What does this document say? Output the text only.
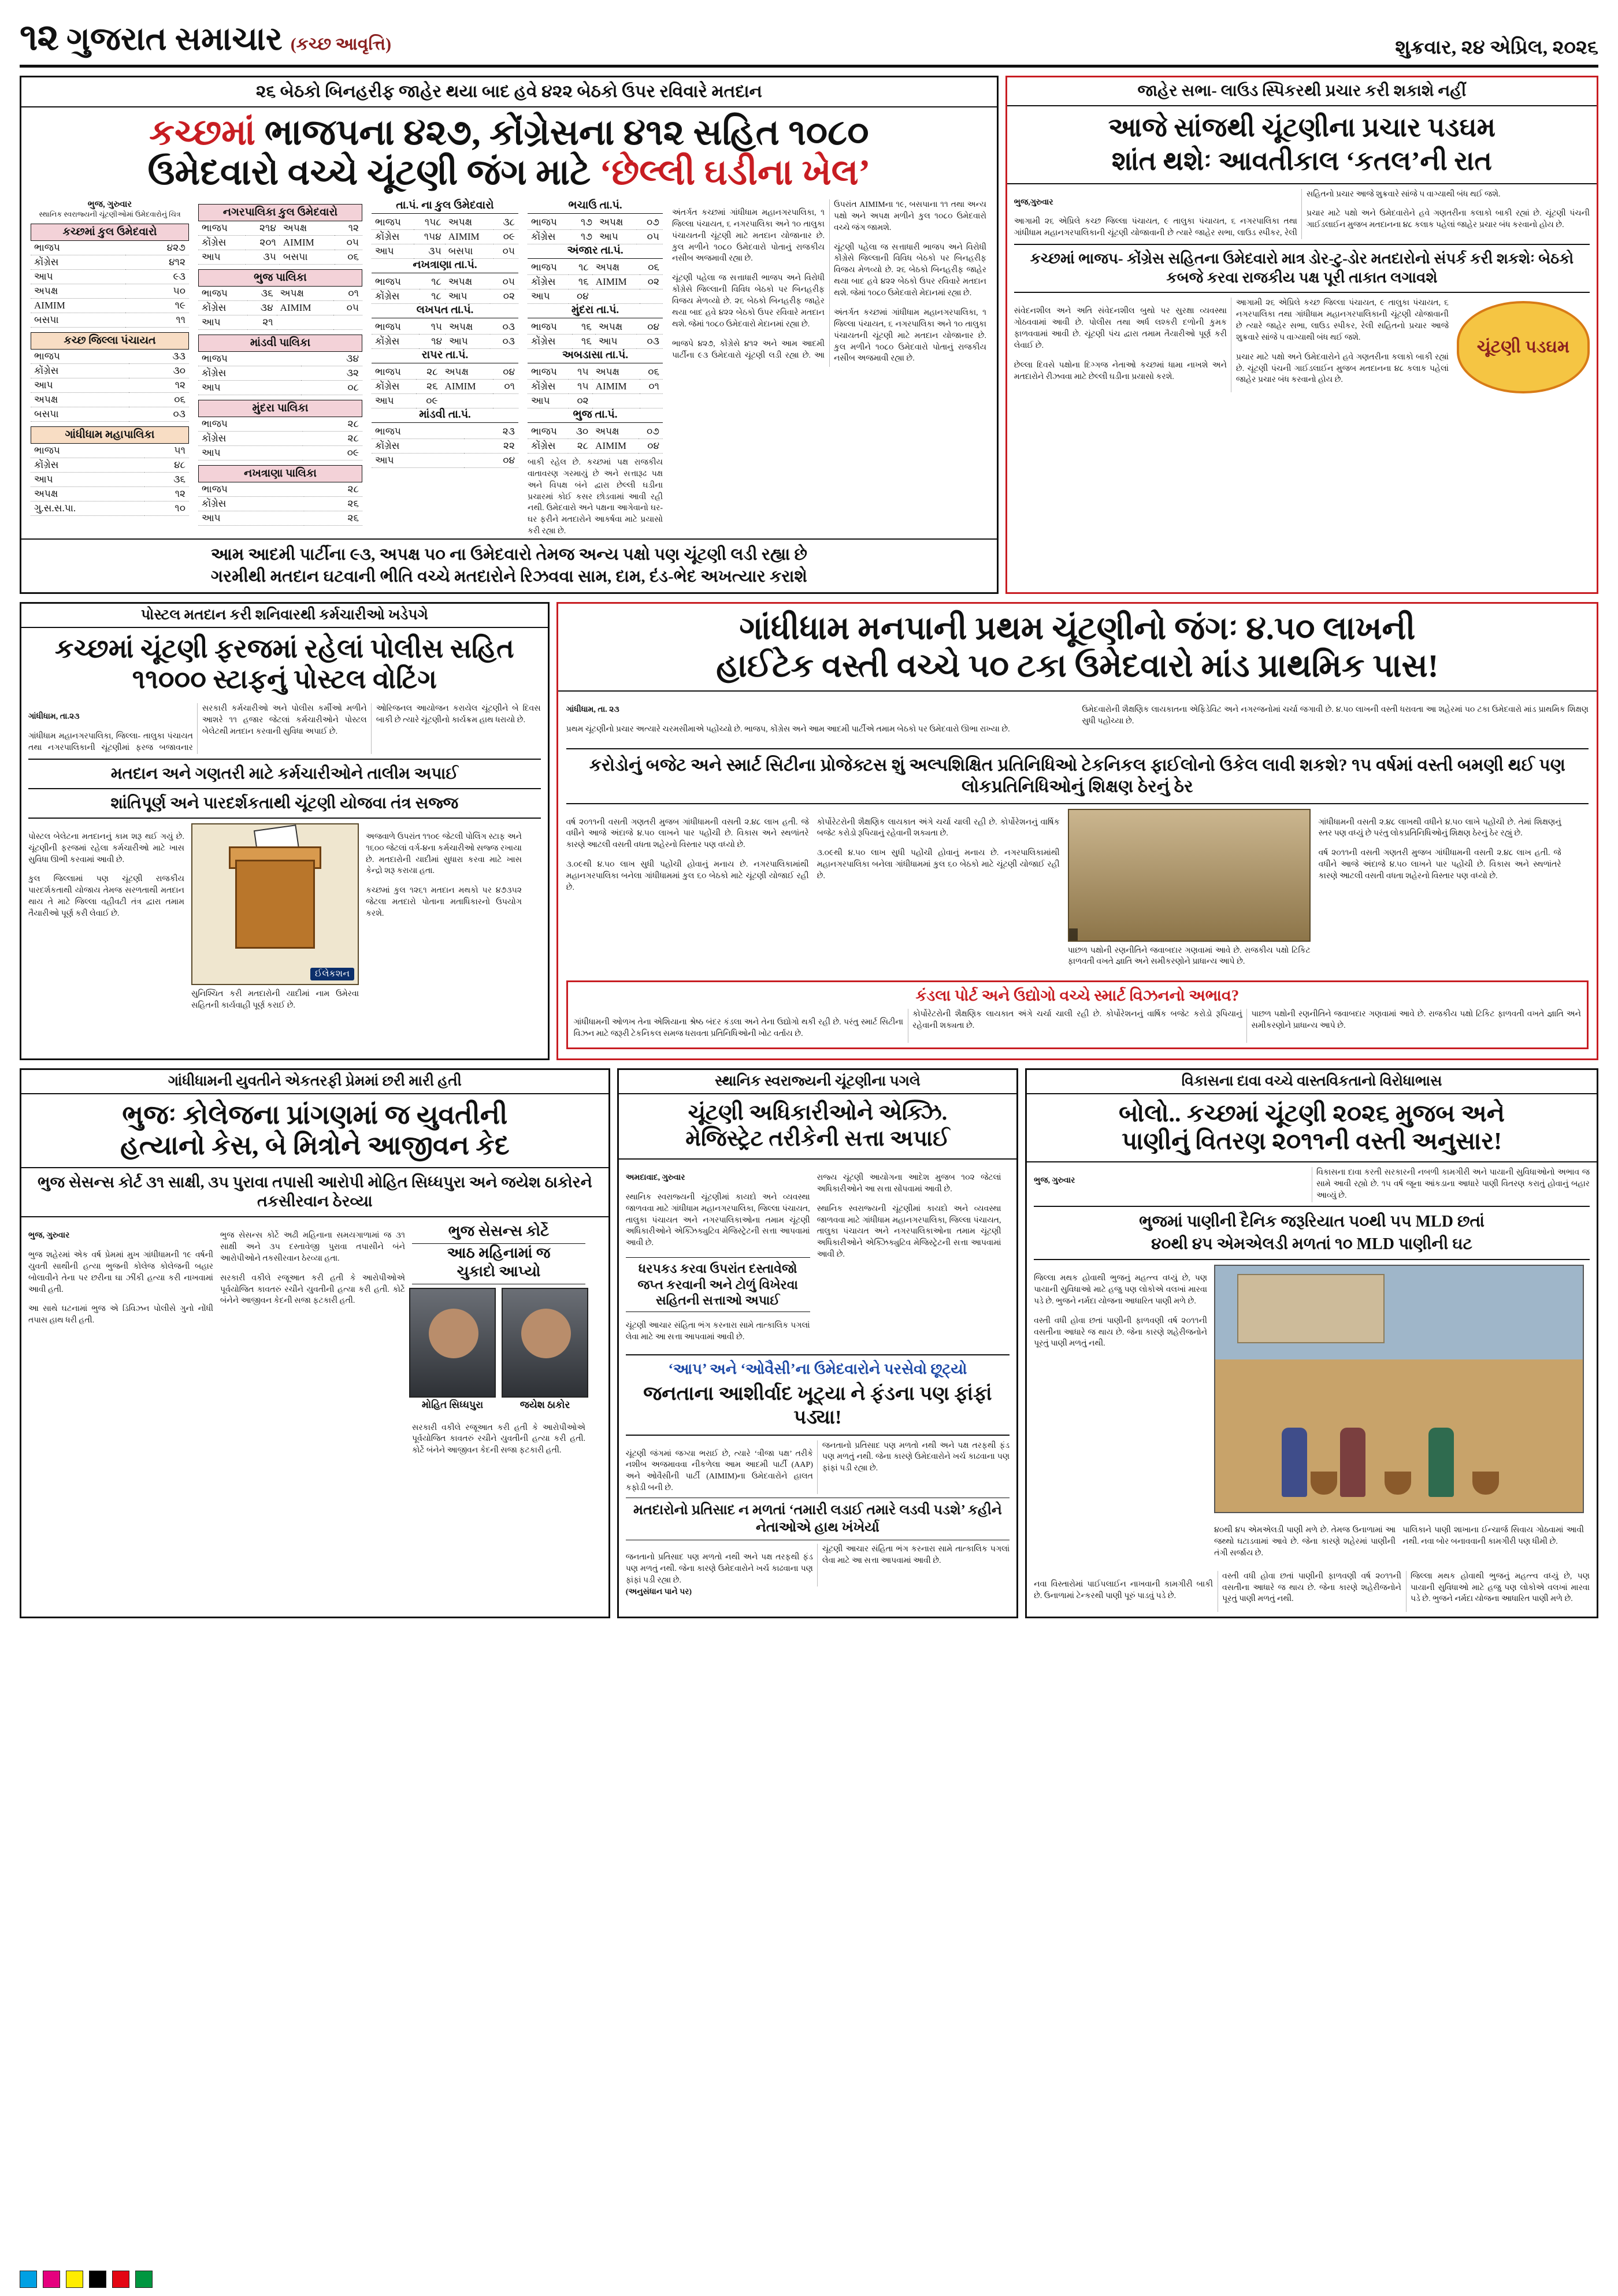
૧૨ ગુજરાત સમાચાર (કચ્છ આવૃત્તિ)	શુક્રવાર, ૨૪ એપ્રિલ, ૨૦૨૬
૨૬ બેઠકો બિનહરીફ જાહેર થયા બાદ હવે ૪૨૨ બેઠકો ઉપર રવિવારે મતદાન
કચ્છમાં ભાજપના ૪૨૭, કોંગ્રેસના ૪૧૨ સહિત ૧૦૮૦
ઉમેદવારો વચ્ચે ચૂંટણી જંગ માટે ‘છેલ્લી ઘડીના ખેલ’
ભુજ, ગુરુવાર
સ્થાનિક સ્વરાજ્યની ચૂંટણીઓમાં ઉમેદવારોનું ચિત્ર
કચ્છમાં કુલ ઉમેદવારો
ભાજપ	૪૨૭
કોંગ્રેસ	૪૧૨
આપ	૯૩
અપક્ષ	૫૦
AIMIM	૧૯
બસપા	૧૧
કચ્છ જિલ્લા પંચાયત
ભાજપ	૩૩
કોંગ્રેસ	૩૦
આપ	૧૨
અપક્ષ	૦૬
બસપા	૦૩
ગાંધીધામ મહાપાલિકા
ભાજપ	૫૧
કોંગ્રેસ	૪૮
આપ	૩૬
અપક્ષ	૧૨
ગુ.સ.સ.પા.	૧૦
નગરપાલિકા કુલ ઉમેદવારો
ભાજપ	૨૧૪	અપક્ષ	૧૨
કોંગ્રેસ	૨૦૧	AIMIM	૦૫
આપ	૩૫	બસપા	૦૬
ભુજ પાલિકા
ભાજપ	૩૬	અપક્ષ	૦૧
કોંગ્રેસ	૩૪	AIMIM	૦૫
આપ	૨૧		
માંડવી પાલિકા
ભાજપ	૩૪
કોંગ્રેસ	૩૨
આપ	૦૮
મુંદરા પાલિકા
ભાજપ	૨૮
કોંગ્રેસ	૨૮
આપ	૦૯
નખત્રાણા પાલિકા
ભાજપ	૨૮
કોંગ્રેસ	૨૬
આપ	૨૬
તા.પં. ના કુલ ઉમેદવારો
ભાજપ	૧૫૮	અપક્ષ	૩૮
કોંગ્રેસ	૧૫૪	AIMIM	૦૯
આપ	૩૫	બસપા	૦૫
નખત્રાણા તા.પં.
ભાજપ	૧૮	અપક્ષ	૦૫
કોંગ્રેસ	૧૮	આપ	૦૨
લખપત તા.પં.
ભાજપ	૧૫	અપક્ષ	૦૩
કોંગ્રેસ	૧૪	આપ	૦૩
રાપર તા.પં.
ભાજપ	૨૮	અપક્ષ	૦૪
કોંગ્રેસ	૨૬	AIMIM	૦૧
આપ	૦૯		
માંડવી તા.પં.
ભાજપ	૨૩
કોંગ્રેસ	૨૨
આપ	૦૪
ભચાઉ તા.પં.
ભાજપ	૧૭	અપક્ષ	૦૭
કોંગ્રેસ	૧૭	આપ	૦૫
અંજાર તા.પં.
ભાજપ	૧૮	અપક્ષ	૦૬
કોંગ્રેસ	૧૬	AIMIM	૦૨
આપ	૦૪		
મુંદરા તા.પં.
ભાજપ	૧૬	અપક્ષ	૦૪
કોંગ્રેસ	૧૬	આપ	૦૩
અબડાસા તા.પં.
ભાજપ	૧૫	અપક્ષ	૦૬
કોંગ્રેસ	૧૫	AIMIM	૦૧
આપ	૦૨		
ભુજ તા.પં.
ભાજપ	૩૦	અપક્ષ	૦૭
કોંગ્રેસ	૨૮	AIMIM	૦૪
બાકી રહેલ છે. કચ્છમાં પક્ષ રાજકીય વાતાવરણ ગરમાયું છે અને સત્તારૂઢ પક્ષ અને વિપક્ષ બંને દ્વારા છેલ્લી ઘડીના પ્રચારમાં કોઈ કસર છોડવામાં આવી રહી નથી. ઉમેદવારો અને પક્ષના આગેવાનો ઘર-ઘર ફરીને મતદારોને આકર્ષવા માટે પ્રયાસો કરી રહ્યા છે.

અંતર્ગત કચ્છમાં ગાંધીધામ મહાનગરપાલિકા, ૧ જિલ્લા પંચાયત, ૬ નગરપાલિકા અને ૧૦ તાલુકા પંચાયતની ચૂંટણી માટે મતદાન યોજાનાર છે. કુલ મળીને ૧૦૮૦ ઉમેદવારો પોતાનું રાજકીય નસીબ અજમાવી રહ્યા છે.

ચૂંટણી પહેલા જ સત્તાધારી ભાજપ અને વિરોધી કોંગ્રેસે જિલ્લાની વિવિધ બેઠકો પર બિનહરીફ વિજય મેળવ્યો છે. ૨૬ બેઠકો બિનહરીફ જાહેર થયા બાદ હવે ૪૨૨ બેઠકો ઉપર રવિવારે મતદાન થશે. જેમાં ૧૦૮૦ ઉમેદવારો મેદાનમાં રહ્યા છે.

ભાજપે ૪૨૭, કોંગ્રેસે ૪૧૨ અને આમ આદમી પાર્ટીના ૯૩ ઉમેદવારો ચૂંટણી લડી રહ્યા છે. આ ઉપરાંત AIMIMના ૧૯, બસપાના ૧૧ તથા અન્ય પક્ષો અને અપક્ષ મળીને કુલ ૧૦૮૦ ઉમેદવારો વચ્ચે જંગ જામશે.

ચૂંટણી પહેલા જ સત્તાધારી ભાજપ અને વિરોધી કોંગ્રેસે જિલ્લાની વિવિધ બેઠકો પર બિનહરીફ વિજય મેળવ્યો છે. ૨૬ બેઠકો બિનહરીફ જાહેર થયા બાદ હવે ૪૨૨ બેઠકો ઉપર રવિવારે મતદાન થશે. જેમાં ૧૦૮૦ ઉમેદવારો મેદાનમાં રહ્યા છે.

અંતર્ગત કચ્છમાં ગાંધીધામ મહાનગરપાલિકા, ૧ જિલ્લા પંચાયત, ૬ નગરપાલિકા અને ૧૦ તાલુકા પંચાયતની ચૂંટણી માટે મતદાન યોજાનાર છે. કુલ મળીને ૧૦૮૦ ઉમેદવારો પોતાનું રાજકીય નસીબ અજમાવી રહ્યા છે.

આમ આદમી પાર્ટીના ૯૩, અપક્ષ ૫૦ ના ઉમેદવારો તેમજ અન્ય પક્ષો પણ ચૂંટણી લડી રહ્યા છે
ગરમીથી મતદાન ઘટવાની ભીતિ વચ્ચે મતદારોને રિઝવવા સામ, દામ, દંડ-ભેદ અખત્યાર કરાશે
જાહેર સભા- લાઉડ સ્પિકરથી પ્રચાર કરી શકાશે નહીં
આજે સાંજથી ચૂંટણીના પ્રચાર પડઘમ
શાંત થશેઃ આવતીકાલ ‘કતલ’ની રાત

ભુજ,ગુરુવાર

આગામી ૨૬ એપ્રિલે કચ્છ જિલ્લા પંચાયત, ૯ તાલુકા પંચાયત, ૬ નગરપાલિકા તથા ગાંધીધામ મહાનગરપાલિકાની ચૂંટણી યોજાવાની છે ત્યારે જાહેર સભા, લાઉડ સ્પીકર, રેલી સહિતનો પ્રચાર આજે શુક્રવારે સાંજે ૫ વાગ્યાથી બંધ થઈ જશે.

પ્રચાર માટે પક્ષો અને ઉમેદવારોને હવે ગણતરીના કલાકો બાકી રહ્યાં છે. ચૂંટણી પંચની ગાઈડલાઈન મુજબ મતદાનના ૪૮ કલાક પહેલાં જાહેર પ્રચાર બંધ કરવાનો હોય છે.

કચ્છમાં ભાજપ- કોંગ્રેસ સહિતના ઉમેદવારો માત્ર ડોર-ટુ-ડોર મતદારોનો સંપર્ક કરી શકશેઃ બેઠકો કબજે કરવા રાજકીય પક્ષ પૂરી તાકાત લગાવશે
ચૂંટણી પડઘમ

સંવેદનશીલ અને અતિ સંવેદનશીલ બુથો પર સુરક્ષા વ્યવસ્થા ગોઠવવામાં આવી છે. પોલીસ તથા અર્ધ લશ્કરી દળોની કુમક ફાળવવામાં આવી છે. ચૂંટણી પંચ દ્વારા તમામ તૈયારીઓ પૂર્ણ કરી લેવાઈ છે.

છેલ્લા દિવસે પક્ષોના દિગ્ગજ નેતાઓ કચ્છમાં ધામા નાખશે અને મતદારોને રીઝવવા માટે છેલ્લી ઘડીના પ્રયાસો કરશે.

આગામી ૨૬ એપ્રિલે કચ્છ જિલ્લા પંચાયત, ૯ તાલુકા પંચાયત, ૬ નગરપાલિકા તથા ગાંધીધામ મહાનગરપાલિકાની ચૂંટણી યોજાવાની છે ત્યારે જાહેર સભા, લાઉડ સ્પીકર, રેલી સહિતનો પ્રચાર આજે શુક્રવારે સાંજે ૫ વાગ્યાથી બંધ થઈ જશે.

પ્રચાર માટે પક્ષો અને ઉમેદવારોને હવે ગણતરીના કલાકો બાકી રહ્યાં છે. ચૂંટણી પંચની ગાઈડલાઈન મુજબ મતદાનના ૪૮ કલાક પહેલાં જાહેર પ્રચાર બંધ કરવાનો હોય છે.

પોસ્ટલ મતદાન કરી શનિવારથી કર્મચારીઓ ખડેપગે
કચ્છમાં ચૂંટણી ફરજમાં રહેલાં પોલીસ સહિત ૧૧૦૦૦ સ્ટાફનું પોસ્ટલ વોટિંગ

ગાંધીધામ, તા.૨૩

ગાંધીધામ મહાનગરપાલિકા, જિલ્લા- તાલુકા પંચાયત તથા નગરપાલિકાની ચૂંટણીમાં ફરજ બજાવનાર સરકારી કર્મચારીઓ અને પોલીસ કર્મીઓ મળીને આશરે ૧૧ હજાર જેટલાં કર્મચારીઓને પોસ્ટલ બેલેટથી મતદાન કરવાની સુવિધા અપાઈ છે.

ઓરિજનલ આયોજન કરાયેલ ચૂંટણીને બે દિવસ બાકી છે ત્યારે ચૂંટણીનો કાર્યક્રમ હાથ ધરાયો છે.

મતદાન અને ગણતરી માટે કર્મચારીઓને તાલીમ અપાઈ
શાંતિપૂર્ણ અને પારદર્શકતાથી ચૂંટણી યોજવા તંત્ર સજ્જ

પોસ્ટલ બેલેટના મતદાનનું કામ શરૂ થઈ ગયું છે. ચૂંટણીની ફરજમાં રહેલા કર્મચારીઓ માટે ખાસ સુવિધા ઊભી કરવામાં આવી છે.

કુલ જિલ્લામાં પણ ચૂંટણી રાજકીય પારદર્શકતાથી યોજાય તેમજ સરળતાથી મતદાન થાય તે માટે જિલ્લા વહીવટી તંત્ર દ્વારા તમામ તૈયારીઓ પૂર્ણ કરી લેવાઈ છે.

ઈલેકશન

સુનિશ્ચિત કરી મતદારોની યાદીમાં નામ ઉમેરવા સહિતની કાર્યવાહી પૂર્ણ કરાઈ છે.

અજવાળે ઉપરાંત ૧૧૦૯ જેટલી પોલિંગ સ્ટાફ અને ૧૬૦૦ જેટલાં વર્ગ-૪ના કર્મચારીઓ સજ્જ રખાયા છે. મતદારોની યાદીમાં સુધારા કરવા માટે ખાસ કેન્દ્રો શરૂ કરાયા હતા.

કચ્છમાં કુલ ૧૨૬૧ મતદાન મથકો પર ૪૭૩૫૨ જેટલા મતદારો પોતાના મતાધિકારનો ઉપયોગ કરશે.

ગાંધીધામ મનપાની પ્રથમ ચૂંટણીનો જંગઃ ૪.૫૦ લાખની
હાઈટેક વસ્તી વચ્ચે ૫૦ ટકા ઉમેદવારો માંડ પ્રાથમિક પાસ!

ગાંધીધામ, તા. ૨૩

પ્રથમ ચૂંટણીનો પ્રચાર અત્યારે ચરમસીમાએ પહોંચ્યો છે. ભાજપ, કોંગ્રેસ અને આમ આદમી પાર્ટીએ તમામ બેઠકો પર ઉમેદવારો ઊભા રાખ્યા છે.

ઉમેદવારોની શૈક્ષણિક લાયકાતના એફિડેવિટ અને નગરજનોમાં ચર્ચા જગાવી છે. ૪.૫૦ લાખની વસ્તી ધરાવતા આ શહેરમાં ૫૦ ટકા ઉમેદવારો માંડ પ્રાથમિક શિક્ષણ સુધી પહોંચ્યા છે.

કરોડોનું બજેટ અને સ્માર્ટ સિટીના પ્રોજેક્ટસ શું અલ્પશિક્ષિત પ્રતિનિધિઓ ટેકનિકલ ફાઈલોનો ઉકેલ લાવી શકશે? ૧૫ વર્ષમાં વસ્તી બમણી થઈ પણ લોકપ્રતિનિધિઓનું શિક્ષણ ઠેરનું ઠેર

વર્ષ ૨૦૧૧ની વસતી ગણતરી મુજબ ગાંધીધામની વસતી ૨.૪૮ લાખ હતી. જે વધીને આજે અંદાજે ૪.૫૦ લાખને પાર પહોંચી છે. વિકાસ અને સ્થળાંતરે કારણે આટલી વસતી વધતા શહેરનો વિસ્તાર પણ વધ્યો છે.

૩.૦૯થી ૪.૫૦ લાખ સુધી પહોંચી હોવાનું મનાય છે. નગરપાલિકામાંથી મહાનગરપાલિકા બનેલા ગાંધીધામમાં કુલ ૬૦ બેઠકો માટે ચૂંટણી યોજાઈ રહી છે.

કોર્પોરેટરોની શૈક્ષણિક લાયકાત અંગે ચર્ચા ચાલી રહી છે. કોર્પોરેશનનું વાર્ષિક બજેટ કરોડો રૂપિયાનું રહેવાની શક્યતા છે.

૩.૦૯થી ૪.૫૦ લાખ સુધી પહોંચી હોવાનું મનાય છે. નગરપાલિકામાંથી મહાનગરપાલિકા બનેલા ગાંધીધામમાં કુલ ૬૦ બેઠકો માટે ચૂંટણી યોજાઈ રહી છે.

પાછળ પક્ષોની રણનીતિને જવાબદાર ગણવામાં આવે છે. રાજકીય પક્ષો ટિકિટ ફાળવતી વખતે જ્ઞાતિ અને સમીકરણોને પ્રાધાન્ય આપે છે.

ગાંધીધામની વસતી ૨.૪૮ લાખથી વધીને ૪.૫૦ લાખે પહોંચી છે. તેમાં શિક્ષણનું સ્તર પણ વધ્યું છે પરંતુ લોકપ્રતિનિધિઓનું શિક્ષણ ઠેરનું ઠેર રહ્યું છે.

વર્ષ ૨૦૧૧ની વસતી ગણતરી મુજબ ગાંધીધામની વસતી ૨.૪૮ લાખ હતી. જે વધીને આજે અંદાજે ૪.૫૦ લાખને પાર પહોંચી છે. વિકાસ અને સ્થળાંતરે કારણે આટલી વસતી વધતા શહેરનો વિસ્તાર પણ વધ્યો છે.

કંડલા પોર્ટ અને ઉદ્યોગો વચ્ચે સ્માર્ટ વિઝનનો અભાવ?

ગાંધીધામની ઓળખ તેના એશિયાના શ્રેષ્ઠ બંદર કંડલા અને તેના ઉદ્યોગો થકી રહી છે. પરંતુ સ્માર્ટ સિટીના વિઝન માટે જરૂરી ટેકનિકલ સમજ ધરાવતા પ્રતિનિધિઓની ખોટ વર્તાય છે.

કોર્પોરેટરોની શૈક્ષણિક લાયકાત અંગે ચર્ચા ચાલી રહી છે. કોર્પોરેશનનું વાર્ષિક બજેટ કરોડો રૂપિયાનું રહેવાની શક્યતા છે.

પાછળ પક્ષોની રણનીતિને જવાબદાર ગણવામાં આવે છે. રાજકીય પક્ષો ટિકિટ ફાળવતી વખતે જ્ઞાતિ અને સમીકરણોને પ્રાધાન્ય આપે છે.

ગાંધીધામની યુવતીને એકતરફી પ્રેમમાં છરી મારી હતી
ભુજઃ કોલેજના પ્રાંગણમાં જ યુવતીની
હત્યાનો કેસ, બે મિત્રોને આજીવન કેદ
ભુજ સેસન્સ કોર્ટ ૩૧ સાક્ષી, ૩૫ પુરાવા તપાસી આરોપી મોહિત સિધ્ધપુરા અને જયેશ ઠાકોરને તકસીરવાન ઠેરવ્યા

ભુજ, ગુરુવાર

ભુજ શહેરમાં એક વર્ષ પ્રેમમાં મુખ ગાંધીધામની ૧૯ વર્ષની યુવતી સાથીની હત્યા ભુજની કોલેજ કોલેજની બહાર બોલાવીને તેના પર છરીના ઘા ઝીંકી હત્યા કરી નાખવામાં આવી હતી.

આ સાથે ઘટનામાં ભુજ એ ડિવિઝન પોલીસે ગુનો નોંધી તપાસ હાથ ધરી હતી.

ભુજ સેસન્સ કોર્ટે અઢી મહિનાના સમયગાળામાં જ ૩૧ સાક્ષી અને ૩૫ દસ્તાવેજી પુરાવા તપાસીને બંને આરોપીઓને તકસીરવાન ઠેરવ્યા હતા.

સરકારી વકીલે રજૂઆત કરી હતી કે આરોપીઓએ પૂર્વયોજિત કાવતરું રચીને યુવતીની હત્યા કરી હતી. કોર્ટે બંનેને આજીવન કેદની સજા ફટકારી હતી.

ભુજ સેસન્સ કોર્ટે
આઠ મહિનામાં જ
ચુકાદો આપ્યો
મોહિત સિધ્ધપુરા	જયેશ ઠાકોર

સરકારી વકીલે રજૂઆત કરી હતી કે આરોપીઓએ પૂર્વયોજિત કાવતરું રચીને યુવતીની હત્યા કરી હતી. કોર્ટે બંનેને આજીવન કેદની સજા ફટકારી હતી.

સ્થાનિક સ્વરાજ્યની ચૂંટણીના પગલે
ચૂંટણી અધિકારીઓને એક્ઝિ.
મેજિસ્ટ્રેટ તરીકેની સત્તા અપાઈ

અમદાવાદ, ગુરુવાર

સ્થાનિક સ્વરાજ્યની ચૂંટણીમાં કાયદો અને વ્યવસ્થા જાળવવા માટે ગાંધીધામ મહાનગરપાલિકા, જિલ્લા પંચાયત, તાલુકા પંચાયત અને નગરપાલિકાઓના તમામ ચૂંટણી અધિકારીઓને એક્ઝિક્યુટિવ મેજિસ્ટ્રેટની સત્તા આપવામાં આવી છે.

ધરપકડ કરવા ઉપરાંત દસ્તાવેજો જપ્ત કરવાની અને ટોળું વિખેરવા સહિતની સત્તાઓ અપાઈ

ચૂંટણી આચાર સંહિતા ભંગ કરનારા સામે તાત્કાલિક પગલાં લેવા માટે આ સત્તા આપવામાં આવી છે.

રાજ્ય ચૂંટણી આયોગના આદેશ મુજબ ૧૦૨ જેટલાં અધિકારીઓને આ સત્તા સોંપવામાં આવી છે.

સ્થાનિક સ્વરાજ્યની ચૂંટણીમાં કાયદો અને વ્યવસ્થા જાળવવા માટે ગાંધીધામ મહાનગરપાલિકા, જિલ્લા પંચાયત, તાલુકા પંચાયત અને નગરપાલિકાઓના તમામ ચૂંટણી અધિકારીઓને એક્ઝિક્યુટિવ મેજિસ્ટ્રેટની સત્તા આપવામાં આવી છે.

‘આપ’ અને ‘ઓવૈસી’ના ઉમેદવારોને પરસેવો છૂટ્યો
જનતાના આશીર્વાદ ખૂટ્યા ને ફંડના પણ ફાંફાં પડ્યા!

ચૂંટણી જંગમાં જગ્યા ભરાઈ છે, ત્યારે ‘ત્રીજા પક્ષ’ તરીકે નશીબ અજમાવવા નીકળેલા આમ આદમી પાર્ટી (AAP) અને ઓવૈસીની પાર્ટી (AIMIM)ના ઉમેદવારોને હાલત કફોડી બની છે.

જનતાનો પ્રતિસાદ પણ મળતો નથી અને પક્ષ તરફથી ફંડ પણ મળતું નથી. જેના કારણે ઉમેદવારોને ખર્ચ કાઢવાના પણ ફાંફાં પડી રહ્યા છે.

મતદારોનો પ્રતિસાદ ન મળતાં ‘તમારી લડાઈ તમારે લડવી પડશે’ કહીને નેતાઓએ હાથ ખંખેર્યા

જનતાનો પ્રતિસાદ પણ મળતો નથી અને પક્ષ તરફથી ફંડ પણ મળતું નથી. જેના કારણે ઉમેદવારોને ખર્ચ કાઢવાના પણ ફાંફાં પડી રહ્યા છે.

ચૂંટણી આચાર સંહિતા ભંગ કરનારા સામે તાત્કાલિક પગલાં લેવા માટે આ સત્તા આપવામાં આવી છે.

(અનુસંધાન પાને પર)
વિકાસના દાવા વચ્ચે વાસ્તવિકતાનો વિરોધાભાસ
બોલો.. કચ્છમાં ચૂંટણી ૨૦૨૬ મુજબ અને
પાણીનું વિતરણ ૨૦૧૧ની વસ્તી અનુસાર!

ભુજ, ગુરુવાર

વિકાસના દાવા કરતી સરકારની નબળી કામગીરી અને પાયાની સુવિધાઓનો અભાવ જ સામે આવી રહ્યો છે. ૧૫ વર્ષ જૂના આંકડાના આધારે પાણી વિતરણ કરાતું હોવાનું બહાર આવ્યું છે.

ભુજમાં પાણીની દૈનિક જરૂરિયાત ૫૦થી ૫૫ MLD છતાં
૪૦થી ૪૫ એમએલડી મળતાં ૧૦ MLD પાણીની ઘટ

જિલ્લા મથક હોવાથી ભુજનું મહત્ત્વ વધ્યું છે, પણ પાયાની સુવિધાઓ માટે હજુ પણ લોકોએ વલખાં મારવા પડે છે. ભુજને નર્મદા યોજના આધારિત પાણી મળે છે.

વસ્તી વધી હોવા છતાં પાણીની ફાળવણી વર્ષ ૨૦૧૧ની વસતીના આધારે જ થાય છે. જેના કારણે શહેરીજનોને પૂરતું પાણી મળતું નથી.

૪૦થી ૪૫ એમએલડી પાણી મળે છે. તેમજ ઉનાળામાં આ જથ્થો ઘટાડવામાં આવે છે. જેના કારણે શહેરમાં પાણીની તંગી સર્જાય છે.

પાલિકાને પાણી શાખાના ઈન્ચાર્જ સિવાય ગોઠવામાં આવી નથી. નવા બોર બનાવવાની કામગીરી પણ ધીમી છે.

નવા વિસ્તારોમાં પાઈપલાઈન નાખવાની કામગીરી બાકી છે. ઉનાળામાં ટેન્કરથી પાણી પૂરું પાડવું પડે છે.

વસ્તી વધી હોવા છતાં પાણીની ફાળવણી વર્ષ ૨૦૧૧ની વસતીના આધારે જ થાય છે. જેના કારણે શહેરીજનોને પૂરતું પાણી મળતું નથી.

જિલ્લા મથક હોવાથી ભુજનું મહત્ત્વ વધ્યું છે, પણ પાયાની સુવિધાઓ માટે હજુ પણ લોકોએ વલખાં મારવા પડે છે. ભુજને નર્મદા યોજના આધારિત પાણી મળે છે.
